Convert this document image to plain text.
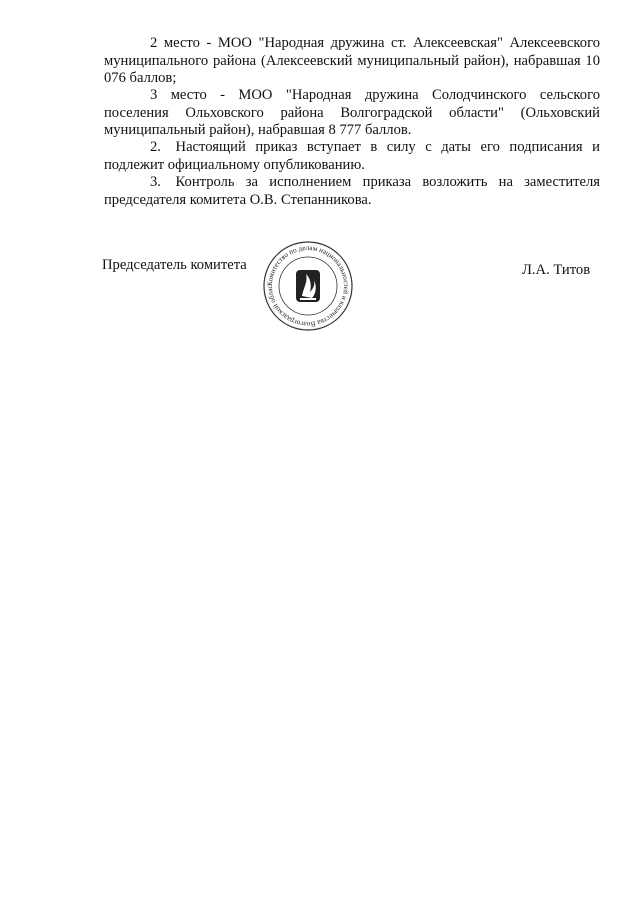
2 место - МОО "Народная дружина ст. Алексеевская" Алексеевского муниципального района (Алексеевский муниципальный район), набравшая 10 076 баллов;

3 место - МОО "Народная дружина Солодчинского сельского поселения Ольховского района Волгоградской области" (Ольховский муниципальный район), набравшая 8 777 баллов.

2. Настоящий приказ вступает в силу с даты его подписания и подлежит официальному опубликованию.

3. Контроль за исполнением приказа возложить на заместителя председателя комитета О.В. Степанникова.

Председатель комитета
Комитество по делам национальностей и казачества Волгоградской облас
Л.А. Титов
